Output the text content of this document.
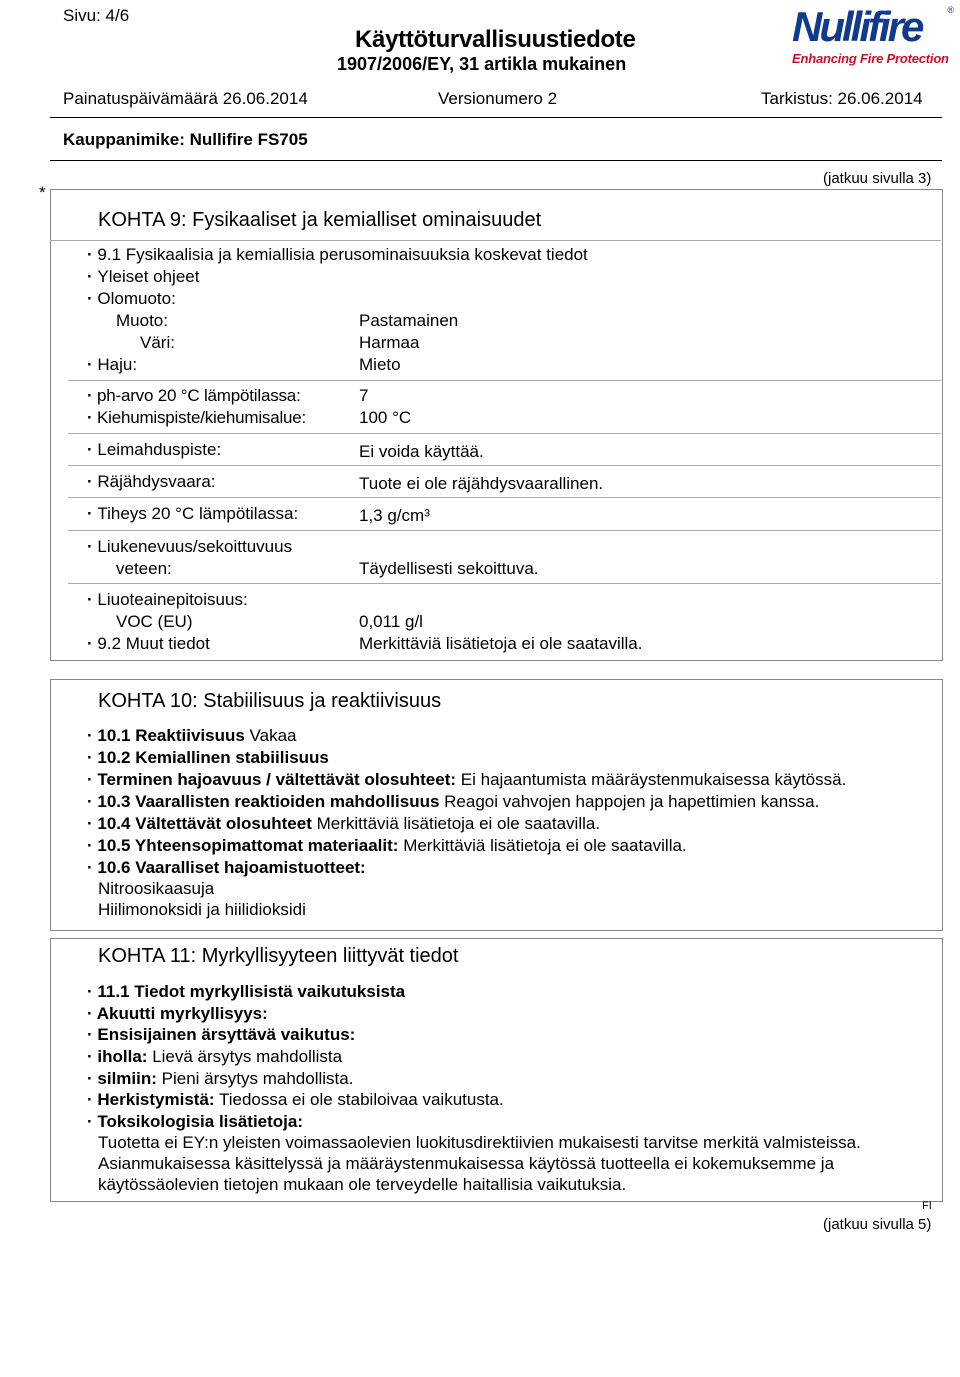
Sivu: 4/6
Käyttöturvallisuustiedote
1907/2006/EY, 31 artikla mukainen
Nullifire	®
Enhancing Fire Protection
Painatuspäivämäärä 26.06.2014	Versionumero 2	Tarkistus: 26.06.2014
Kauppanimike: Nullifire FS705
(jatkuu sivulla 3)
*
KOHTA 9: Fysikaaliset ja kemialliset ominaisuudet
· 9.1 Fysikaalisia ja kemiallisia perusominaisuuksia koskevat tiedot
· Yleiset ohjeet
· Olomuoto:
Muoto:	Pastamainen
Väri:	Harmaa
· Haju:	Mieto
· ph-arvo 20 °C lämpötilassa:	7
· Kiehumispiste/kiehumisalue:	100 °C
· Leimahduspiste:	Ei voida käyttää.
· Räjähdysvaara:	Tuote ei ole räjähdysvaarallinen.
· Tiheys 20 °C lämpötilassa:	1,3 g/cm³
· Liukenevuus/sekoittuvuus
veteen:	Täydellisesti sekoittuva.
· Liuoteainepitoisuus:
VOC (EU)	0,011 g/l
· 9.2 Muut tiedot	Merkittäviä lisätietoja ei ole saatavilla.
KOHTA 10: Stabiilisuus ja reaktiivisuus
· 10.1 Reaktiivisuus Vakaa
· 10.2 Kemiallinen stabiilisuus
· Terminen hajoavuus / vältettävät olosuhteet: Ei hajaantumista määräystenmukaisessa käytössä.
· 10.3 Vaarallisten reaktioiden mahdollisuus Reagoi vahvojen happojen ja hapettimien kanssa.
· 10.4 Vältettävät olosuhteet Merkittäviä lisätietoja ei ole saatavilla.
· 10.5 Yhteensopimattomat materiaalit: Merkittäviä lisätietoja ei ole saatavilla.
· 10.6 Vaaralliset hajoamistuotteet:
Nitroosikaasuja
Hiilimonoksidi ja hiilidioksidi
KOHTA 11: Myrkyllisyyteen liittyvät tiedot
· 11.1 Tiedot myrkyllisistä vaikutuksista
· Akuutti myrkyllisyys:
· Ensisijainen ärsyttävä vaikutus:
· iholla: Lievä ärsytys mahdollista
· silmiin: Pieni ärsytys mahdollista.
· Herkistymistä: Tiedossa ei ole stabiloivaa vaikutusta.
· Toksikologisia lisätietoja:
Tuotetta ei EY:n yleisten voimassaolevien luokitusdirektiivien mukaisesti tarvitse merkitä valmisteissa.
Asianmukaisessa käsittelyssä ja määräystenmukaisessa käytössä tuotteella ei kokemuksemme ja
käytössäolevien tietojen mukaan ole terveydelle haitallisia vaikutuksia.
FI
(jatkuu sivulla 5)
